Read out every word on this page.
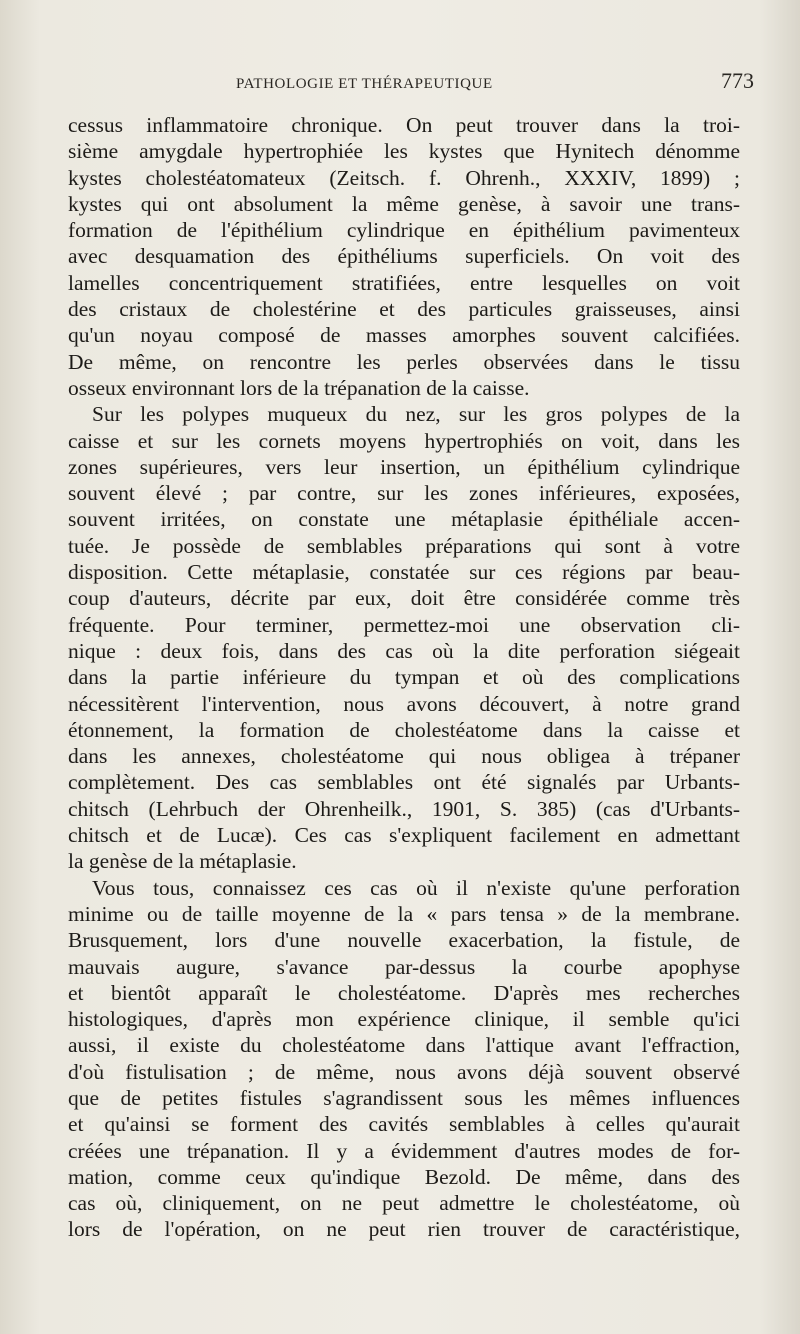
PATHOLOGIE ET THÉRAPEUTIQUE	773
cessus inflammatoire chronique. On peut trouver dans la troi-
sième amygdale hypertrophiée les kystes que Hynitech dénomme
kystes cholestéatomateux (Zeitsch. f. Ohrenh., XXXIV, 1899) ;
kystes qui ont absolument la même genèse, à savoir une trans-
formation de l'épithélium cylindrique en épithélium pavimenteux
avec desquamation des épithéliums superficiels. On voit des
lamelles concentriquement stratifiées, entre lesquelles on voit
des cristaux de cholestérine et des particules graisseuses, ainsi
qu'un noyau composé de masses amorphes souvent calcifiées.
De même, on rencontre les perles observées dans le tissu
osseux environnant lors de la trépanation de la caisse.
Sur les polypes muqueux du nez, sur les gros polypes de la
caisse et sur les cornets moyens hypertrophiés on voit, dans les
zones supérieures, vers leur insertion, un épithélium cylindrique
souvent élevé ; par contre, sur les zones inférieures, exposées,
souvent irritées, on constate une métaplasie épithéliale accen-
tuée. Je possède de semblables préparations qui sont à votre
disposition. Cette métaplasie, constatée sur ces régions par beau-
coup d'auteurs, décrite par eux, doit être considérée comme très
fréquente. Pour terminer, permettez-moi une observation cli-
nique : deux fois, dans des cas où la dite perforation siégeait
dans la partie inférieure du tympan et où des complications
nécessitèrent l'intervention, nous avons découvert, à notre grand
étonnement, la formation de cholestéatome dans la caisse et
dans les annexes, cholestéatome qui nous obligea à trépaner
complètement. Des cas semblables ont été signalés par Urbants-
chitsch (Lehrbuch der Ohrenheilk., 1901, S. 385) (cas d'Urbants-
chitsch et de Lucæ). Ces cas s'expliquent facilement en admettant
la genèse de la métaplasie.
Vous tous, connaissez ces cas où il n'existe qu'une perforation
minime ou de taille moyenne de la « pars tensa » de la membrane.
Brusquement, lors d'une nouvelle exacerbation, la fistule, de
mauvais augure, s'avance par-dessus la courbe apophyse
et bientôt apparaît le cholestéatome. D'après mes recherches
histologiques, d'après mon expérience clinique, il semble qu'ici
aussi, il existe du cholestéatome dans l'attique avant l'effraction,
d'où fistulisation ; de même, nous avons déjà souvent observé
que de petites fistules s'agrandissent sous les mêmes influences
et qu'ainsi se forment des cavités semblables à celles qu'aurait
créées une trépanation. Il y a évidemment d'autres modes de for-
mation, comme ceux qu'indique Bezold. De même, dans des
cas où, cliniquement, on ne peut admettre le cholestéatome, où
lors de l'opération, on ne peut rien trouver de caractéristique,
